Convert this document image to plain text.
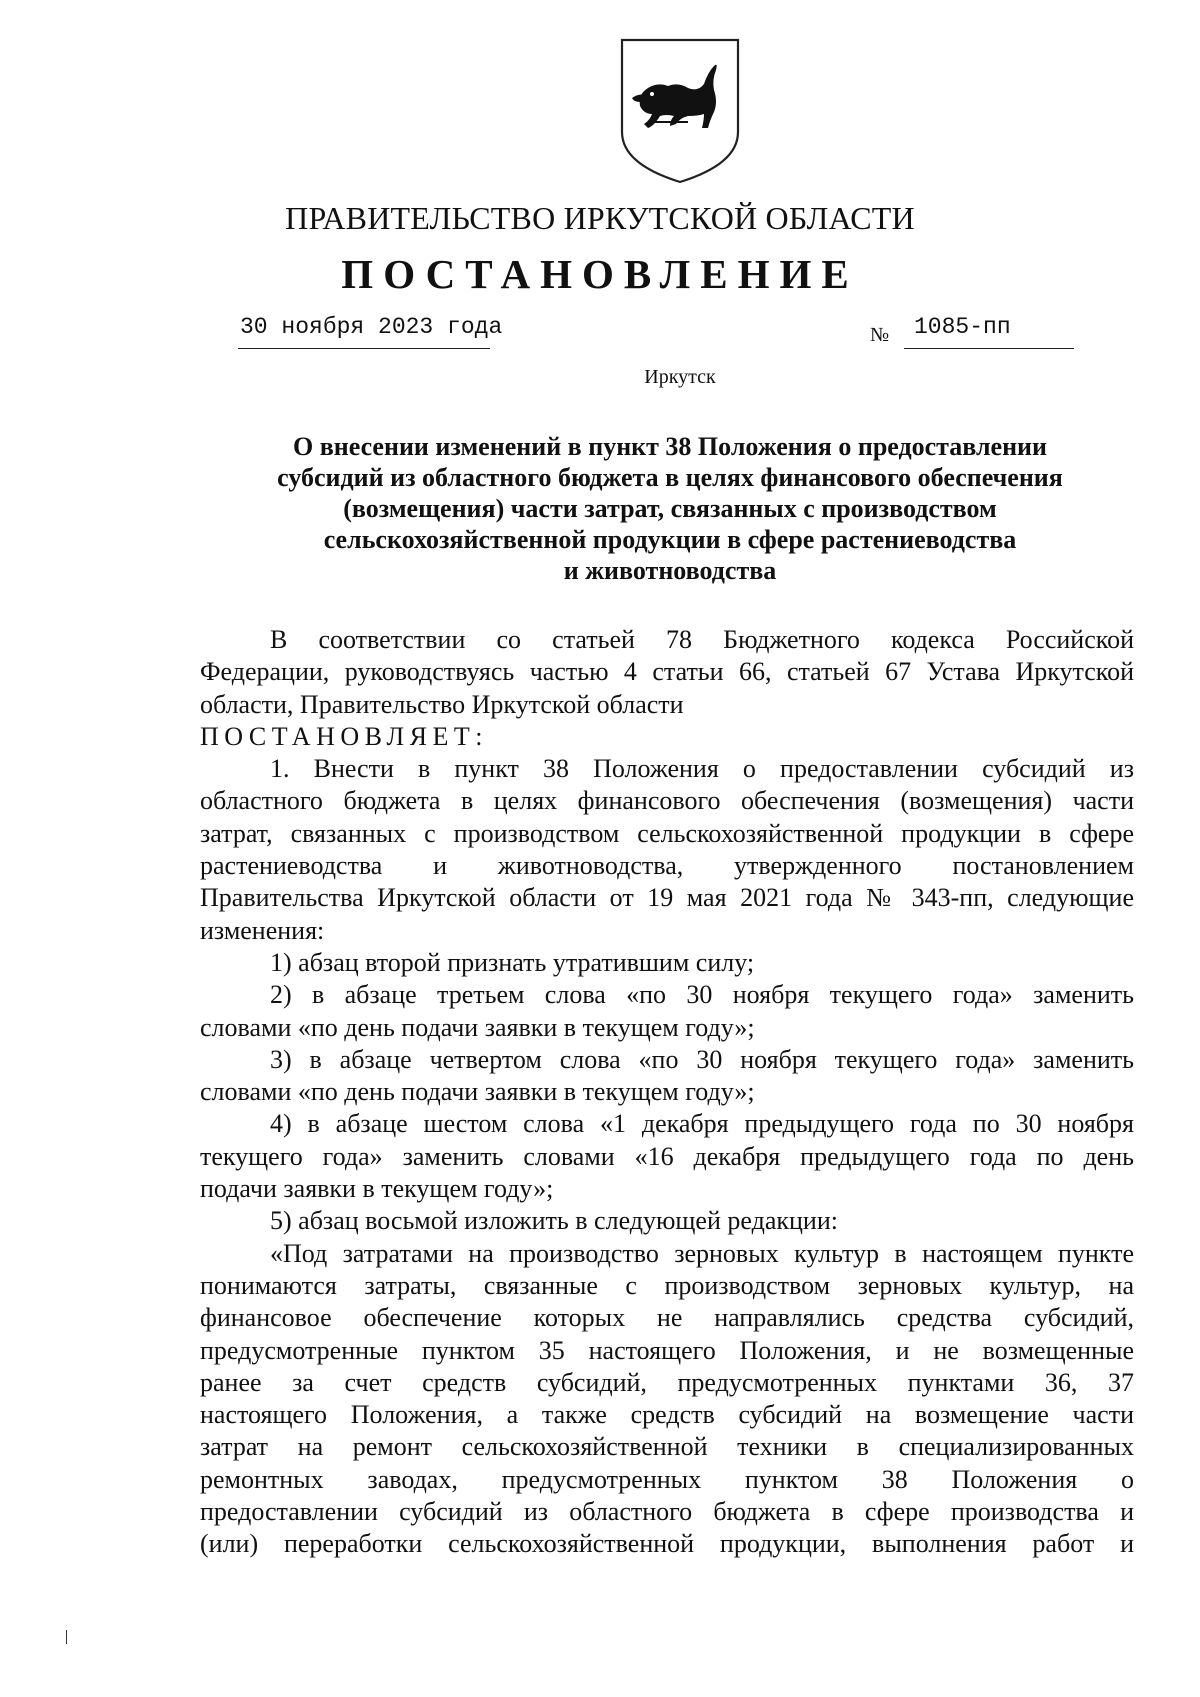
ПРАВИТЕЛЬСТВО ИРКУТСКОЙ ОБЛАСТИ
ПОСТАНОВЛЕНИЕ
30 ноября 2023 года	№ 1085-пп
Иркутск
О внесении изменений в пункт 38 Положения о предоставлении
субсидий из областного бюджета в целях финансового обеспечения
(возмещения) части затрат, связанных с производством
сельскохозяйственной продукции в сфере растениеводства
и животноводства
В соответствии со статьей 78 Бюджетного кодекса Российской
Федерации, руководствуясь частью 4 статьи 66, статьей 67 Устава Иркутской
области, Правительство Иркутской области
ПОСТАНОВЛЯЕТ:
1. Внести в пункт 38 Положения о предоставлении субсидий из
областного бюджета в целях финансового обеспечения (возмещения) части
затрат, связанных с производством сельскохозяйственной продукции в сфере
растениеводства и животноводства, утвержденного постановлением
Правительства Иркутской области от 19 мая 2021 года № 343-пп, следующие
изменения:
1) абзац второй признать утратившим силу;
2) в абзаце третьем слова «по 30 ноября текущего года» заменить
словами «по день подачи заявки в текущем году»;
3) в абзаце четвертом слова «по 30 ноября текущего года» заменить
словами «по день подачи заявки в текущем году»;
4) в абзаце шестом слова «1 декабря предыдущего года по 30 ноября
текущего года» заменить словами «16 декабря предыдущего года по день
подачи заявки в текущем году»;
5) абзац восьмой изложить в следующей редакции:
«Под затратами на производство зерновых культур в настоящем пункте
понимаются затраты, связанные с производством зерновых культур, на
финансовое обеспечение которых не направлялись средства субсидий,
предусмотренные пунктом 35 настоящего Положения, и не возмещенные
ранее за счет средств субсидий, предусмотренных пунктами 36, 37
настоящего Положения, а также средств субсидий на возмещение части
затрат на ремонт сельскохозяйственной техники в специализированных
ремонтных заводах, предусмотренных пунктом 38 Положения о
предоставлении субсидий из областного бюджета в сфере производства и
(или) переработки сельскохозяйственной продукции, выполнения работ и
